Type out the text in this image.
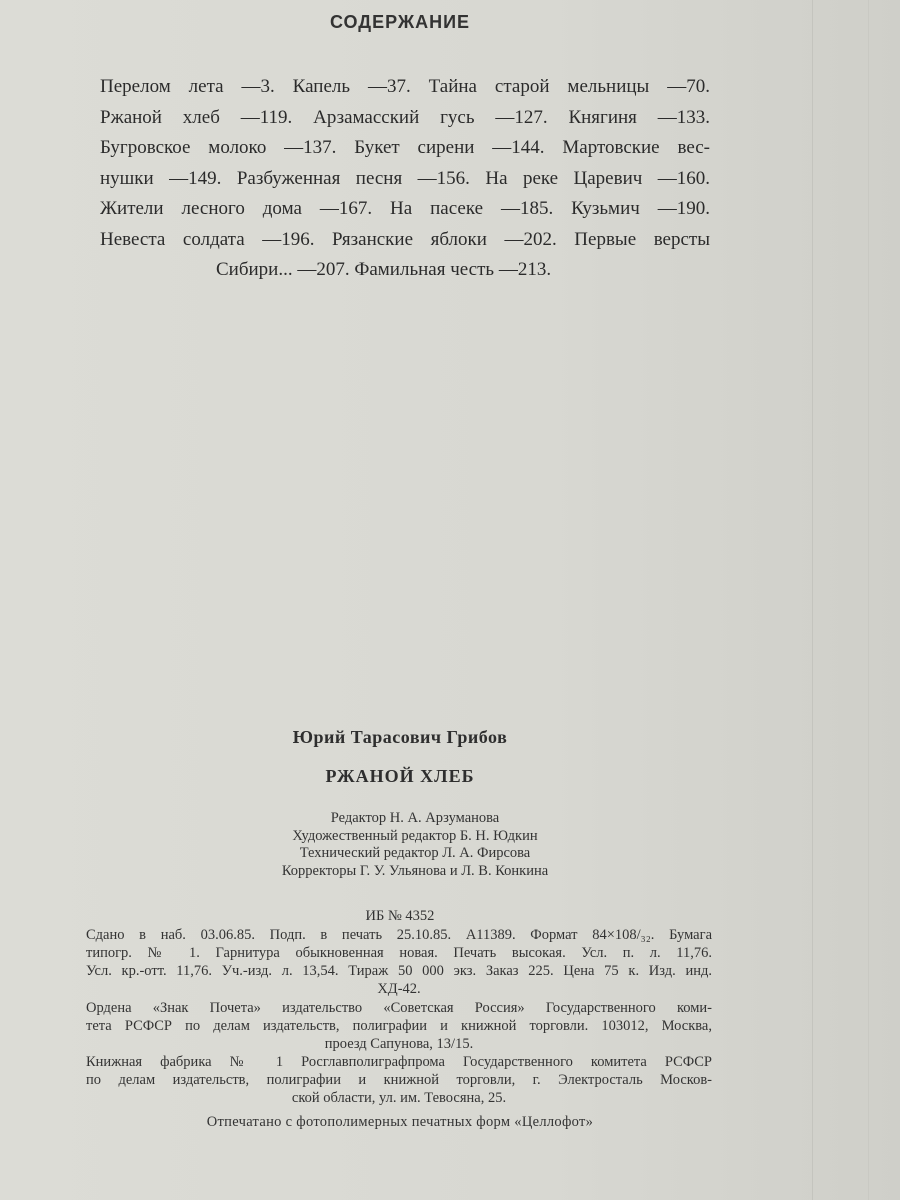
СОДЕРЖАНИЕ
Перелом лета —3. Капель —37. Тайна старой мельницы —70.
Ржаной хлеб —119. Арзамасский гусь —127. Княгиня —133.
Бугровское молоко —137. Букет сирени —144. Мартовские вес-
нушки —149. Разбуженная песня —156. На реке Царевич —160.
Жители лесного дома —167. На пасеке —185. Кузьмич —190.
Невеста солдата —196. Рязанские яблоки —202. Первые версты
Сибири... —207. Фамильная честь —213.
Юрий Тарасович Грибов
РЖАНОЙ ХЛЕБ
Редактор Н. А. Арзуманова
Художественный редактор Б. Н. Юдкин
Технический редактор Л. А. Фирсова
Корректоры Г. У. Ульянова и Л. В. Конкина
ИБ № 4352
Сдано в наб. 03.06.85. Подп. в печать 25.10.85. А11389. Формат 84×108/₃₂. Бумага
типогр. № 1. Гарнитура обыкновенная новая. Печать высокая. Усл. п. л. 11,76.
Усл. кр.-отт. 11,76. Уч.-изд. л. 13,54. Тираж 50 000 экз. Заказ 225. Цена 75 к. Изд. инд.
ХД-42.
Ордена «Знак Почета» издательство «Советская Россия» Государственного коми-
тета РСФСР по делам издательств, полиграфии и книжной торговли. 103012, Москва,
проезд Сапунова, 13/15.
Книжная фабрика № 1 Росглавполиграфпрома Государственного комитета РСФСР
по делам издательств, полиграфии и книжной торговли, г. Электросталь Москов-
ской области, ул. им. Тевосяна, 25.
Отпечатано с фотополимерных печатных форм «Целлофот»
